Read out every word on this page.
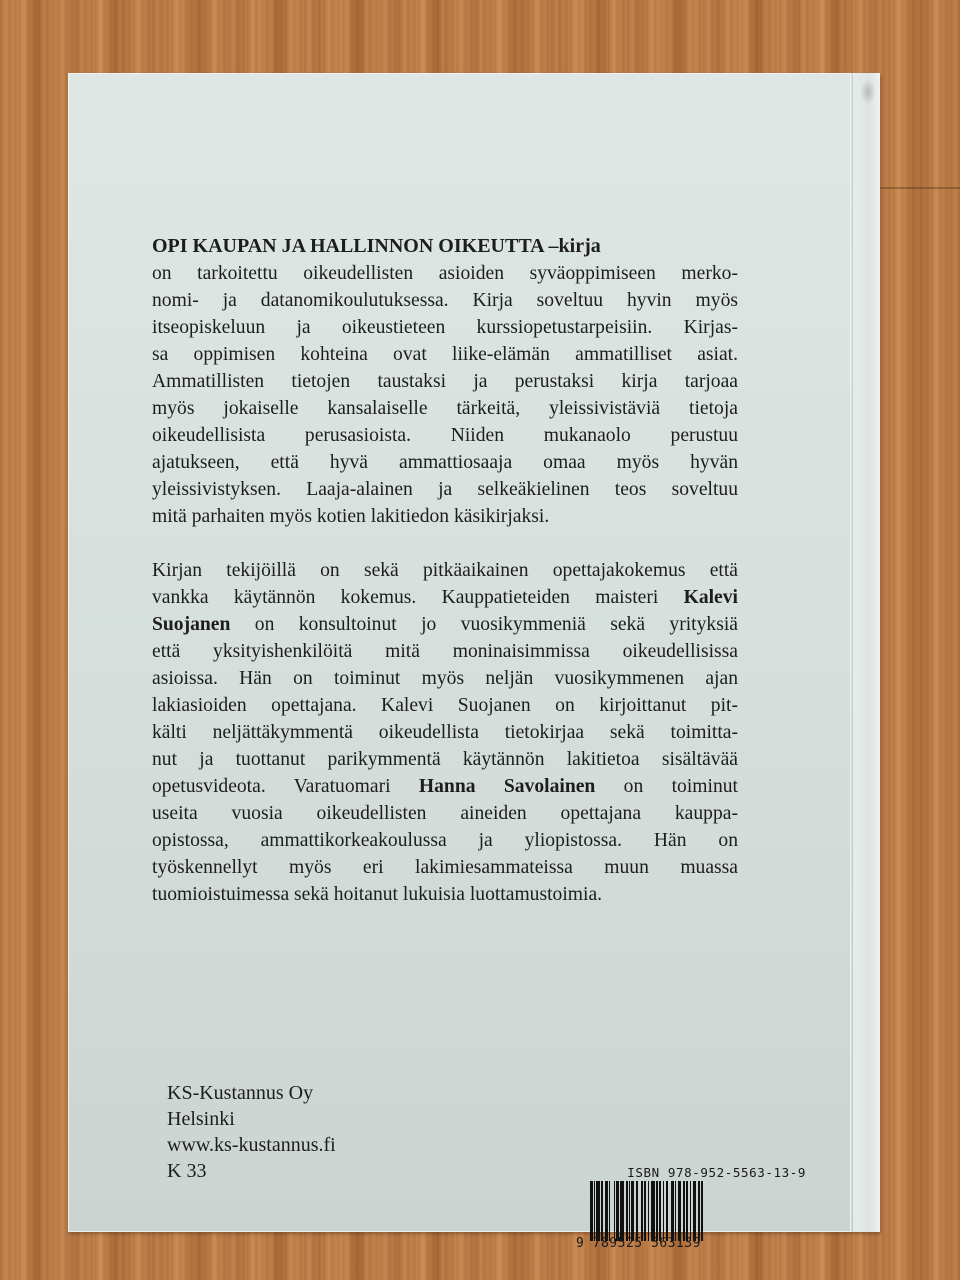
OPI KAUPAN JA HALLINNON OIKEUTTA –kirja

on tarkoitettu oikeudellisten asioiden syväoppimiseen merko-
nomi- ja datanomikoulutuksessa. Kirja soveltuu hyvin myös
itseopiskeluun ja oikeustieteen kurssiopetustarpeisiin. Kirjas-
sa oppimisen kohteina ovat liike-elämän ammatilliset asiat.
Ammatillisten tietojen taustaksi ja perustaksi kirja tarjoaa
myös jokaiselle kansalaiselle tärkeitä, yleissivistäviä tietoja
oikeudellisista perusasioista. Niiden mukanaolo perustuu
ajatukseen, että hyvä ammattiosaaja omaa myös hyvän
yleissivistyksen. Laaja-alainen ja selkeäkielinen teos soveltuu
mitä parhaiten myös kotien lakitiedon käsikirjaksi.

Kirjan tekijöillä on sekä pitkäaikainen opettajakokemus että
vankka käytännön kokemus. Kauppatieteiden maisteri Kalevi
Suojanen on konsultoinut jo vuosikymmeniä sekä yrityksiä
että yksityishenkilöitä mitä moninaisimmissa oikeudellisissa
asioissa. Hän on toiminut myös neljän vuosikymmenen ajan
lakiasioiden opettajana. Kalevi Suojanen on kirjoittanut pit-
kälti neljättäkymmentä oikeudellista tietokirjaa sekä toimitta-
nut ja tuottanut parikymmentä käytännön lakitietoa sisältävää
opetusvideota. Varatuomari Hanna Savolainen on toiminut
useita vuosia oikeudellisten aineiden opettajana kauppa-
opistossa, ammattikorkeakoulussa ja yliopistossa. Hän on
työskennellyt myös eri lakimiesammateissa muun muassa
tuomioistuimessa sekä hoitanut lukuisia luottamustoimia.

KS-Kustannus Oy
Helsinki
www.ks-kustannus.fi
K 33	ISBN 978-952-5563-13-9
9 789525 563139
